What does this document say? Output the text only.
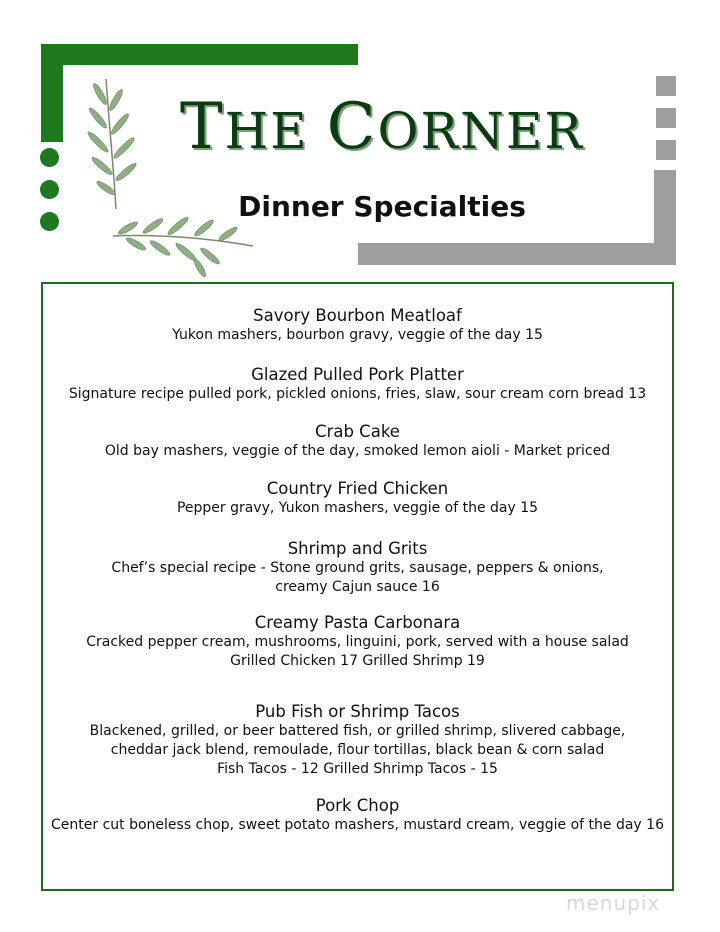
THE CORNER
Dinner Specialties
Savory Bourbon Meatloaf
Yukon mashers, bourbon gravy, veggie of the day 15
Glazed Pulled Pork Platter
Signature recipe pulled pork, pickled onions, fries, slaw, sour cream corn bread 13
Crab Cake
Old bay mashers, veggie of the day, smoked lemon aioli - Market priced
Country Fried Chicken
Pepper gravy, Yukon mashers, veggie of the day 15
Shrimp and Grits
Chef’s special recipe - Stone ground grits, sausage, peppers & onions,
creamy Cajun sauce 16
Creamy Pasta Carbonara
Cracked pepper cream, mushrooms, linguini, pork, served with a house salad
Grilled Chicken 17 Grilled Shrimp 19
Pub Fish or Shrimp Tacos
Blackened, grilled, or beer battered fish, or grilled shrimp, slivered cabbage,
cheddar jack blend, remoulade, flour tortillas, black bean & corn salad
Fish Tacos - 12 Grilled Shrimp Tacos - 15
Pork Chop
Center cut boneless chop, sweet potato mashers, mustard cream, veggie of the day 16
menupix
